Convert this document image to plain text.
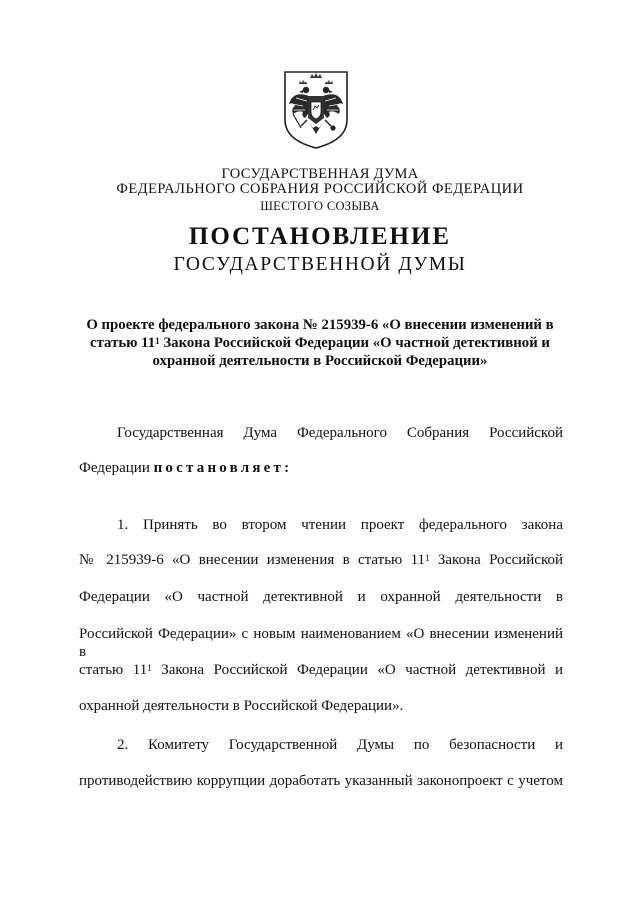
ГОСУДАРСТВЕННАЯ ДУМА
ФЕДЕРАЛЬНОГО СОБРАНИЯ РОССИЙСКОЙ ФЕДЕРАЦИИ
ШЕСТОГО СОЗЫВА
ПОСТАНОВЛЕНИЕ
ГОСУДАРСТВЕННОЙ ДУМЫ
О проекте федерального закона № 215939-6 «О внесении изменений в
статью $11^1$ Закона Российской Федерации «О частной детективной и
охранной деятельности в Российской Федерации»
Государственная Дума Федерального Собрания Российской
Федерации постановляет:
1. Принять во втором чтении проект федерального закона
№ 215939-6 «О внесении изменения в статью $11^1$ Закона Российской
Федерации «О частной детективной и охранной деятельности в
Российской Федерации» с новым наименованием «О внесении изменений в
статью $11^1$ Закона Российской Федерации «О частной детективной и
охранной деятельности в Российской Федерации».
2. Комитету Государственной Думы по безопасности и
противодействию коррупции доработать указанный законопроект с учетом
